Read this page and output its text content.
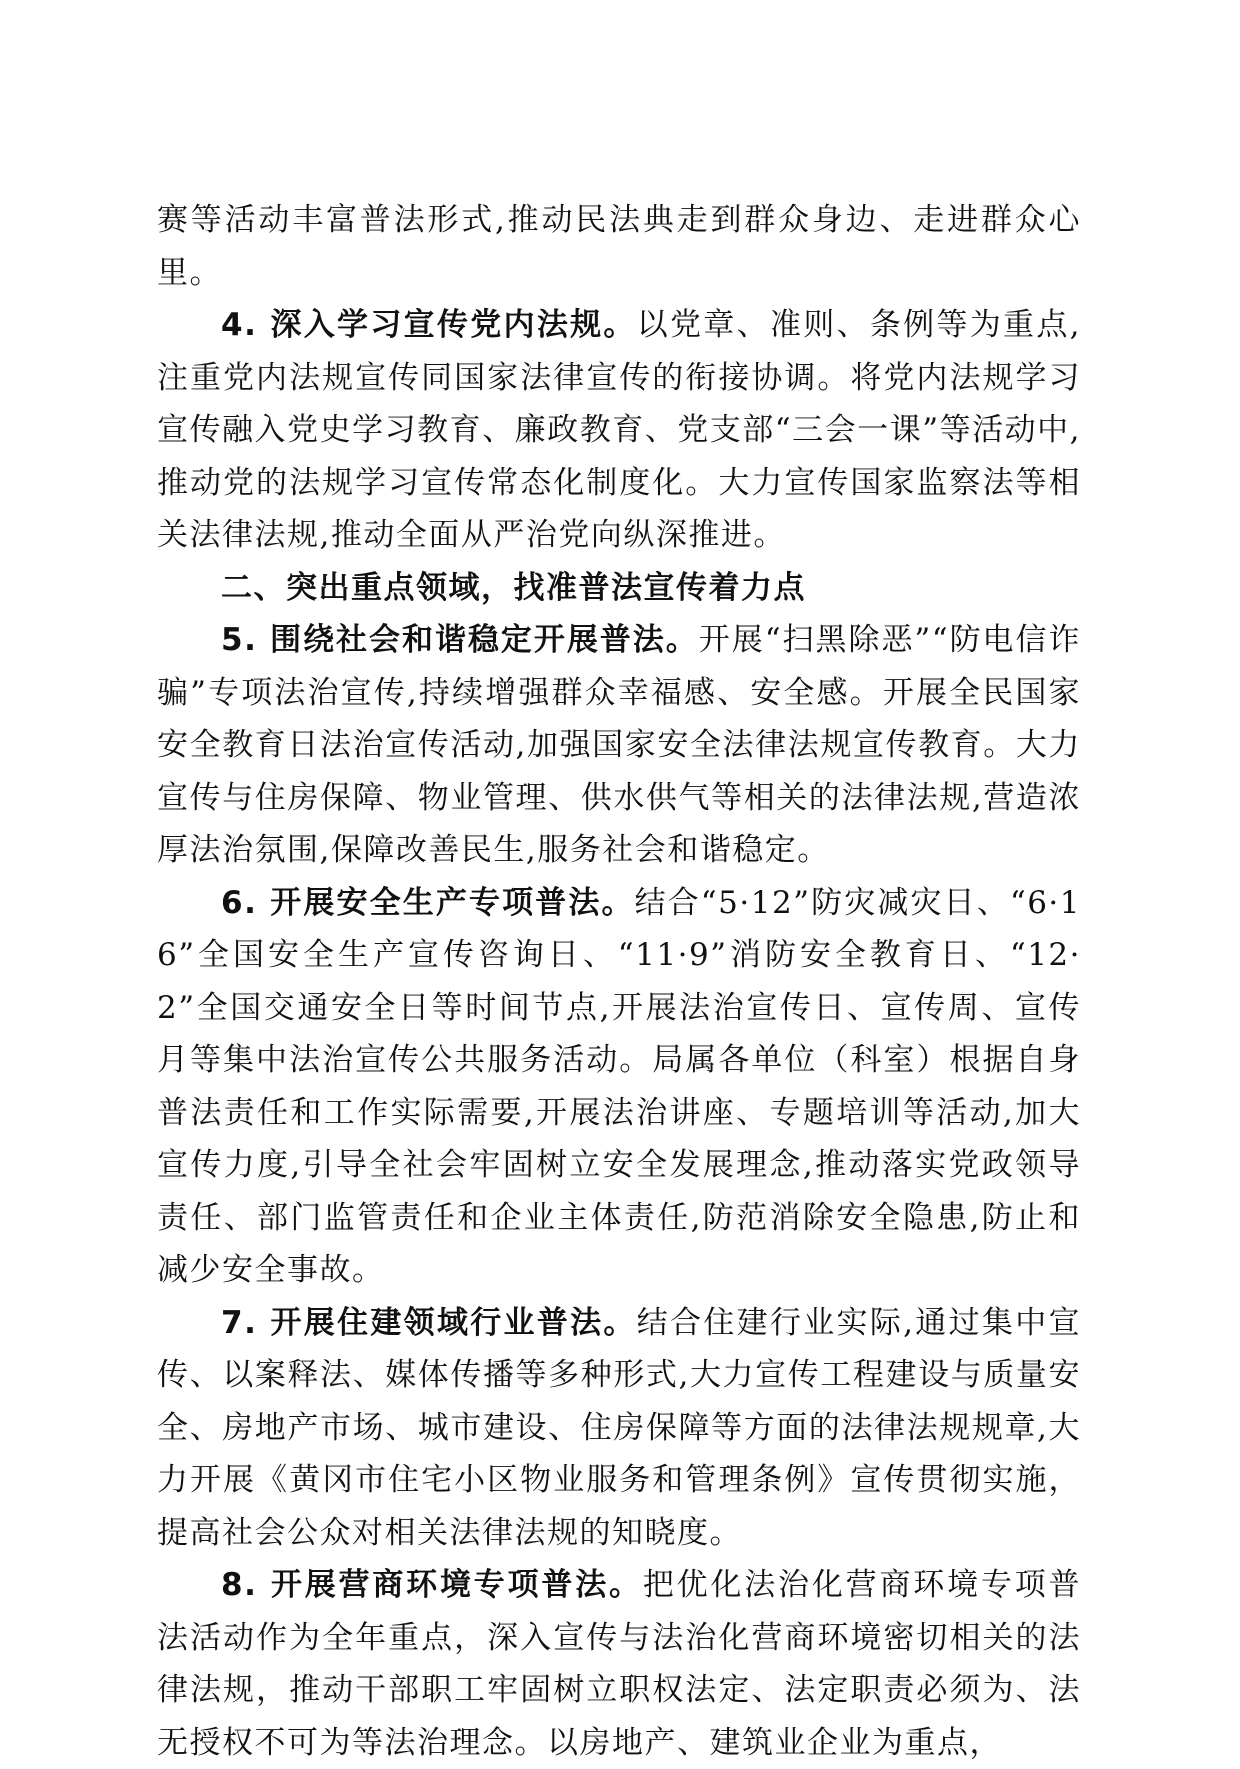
赛等活动丰富普法形式,推动民法典走到群众身边、走进群众心里。

4. 深入学习宣传党内法规。以党章、准则、条例等为重点,注重党内法规宣传同国家法律宣传的衔接协调。将党内法规学习宣传融入党史学习教育、廉政教育、党支部“三会一课”等活动中,推动党的法规学习宣传常态化制度化。大力宣传国家监察法等相关法律法规,推动全面从严治党向纵深推进。

二、突出重点领域，找准普法宣传着力点

5. 围绕社会和谐稳定开展普法。开展“扫黑除恶”“防电信诈骗”专项法治宣传,持续增强群众幸福感、安全感。开展全民国家安全教育日法治宣传活动,加强国家安全法律法规宣传教育。大力宣传与住房保障、物业管理、供水供气等相关的法律法规,营造浓厚法治氛围,保障改善民生,服务社会和谐稳定。

6. 开展安全生产专项普法。结合“5·12”防灾减灾日、“6·16”全国安全生产宣传咨询日、“11·9”消防安全教育日、“12·2”全国交通安全日等时间节点,开展法治宣传日、宣传周、宣传月等集中法治宣传公共服务活动。局属各单位（科室）根据自身普法责任和工作实际需要,开展法治讲座、专题培训等活动,加大宣传力度,引导全社会牢固树立安全发展理念,推动落实党政领导责任、部门监管责任和企业主体责任,防范消除安全隐患,防止和减少安全事故。

7. 开展住建领域行业普法。结合住建行业实际,通过集中宣传、以案释法、媒体传播等多种形式,大力宣传工程建设与质量安全、房地产市场、城市建设、住房保障等方面的法律法规规章,大力开展《黄冈市住宅小区物业服务和管理条例》宣传贯彻实施，提高社会公众对相关法律法规的知晓度。

8. 开展营商环境专项普法。把优化法治化营商环境专项普法活动作为全年重点，深入宣传与法治化营商环境密切相关的法律法规，推动干部职工牢固树立职权法定、法定职责必须为、法无授权不可为等法治理念。以房地产、建筑业企业为重点，
